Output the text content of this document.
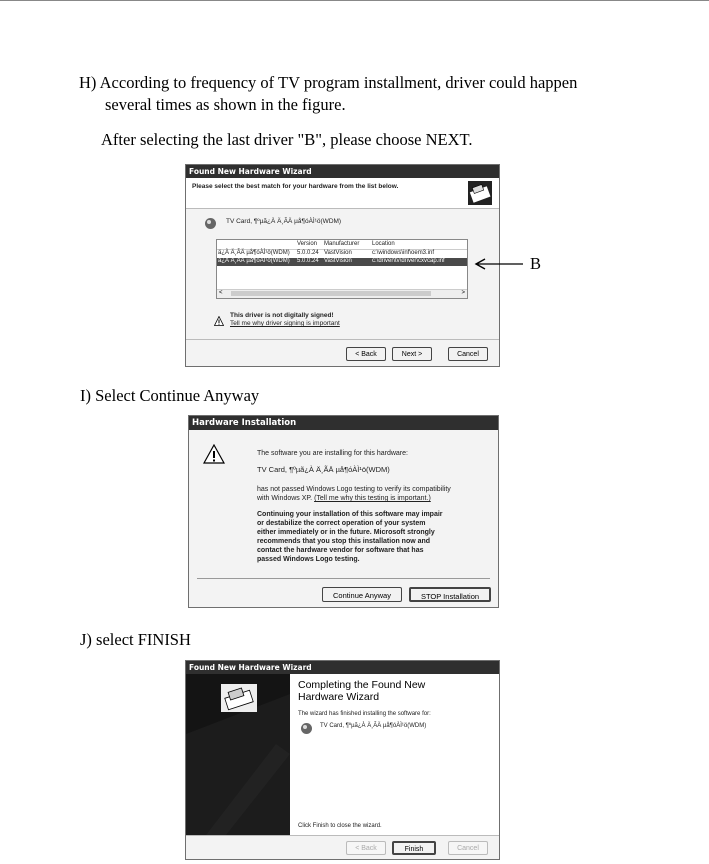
H) According to frequency of TV program installment, driver could happen
several times as shown in the figure.
After selecting the last driver "B", please choose NEXT.
Found New Hardware Wizard
Please select the best match for your hardware from the list below.
TV Card, ¶ºµã¿À Ä¸ÃÄ µå¶óÀÌ¹ö(WDM)
Version Manufacturer Location
ä¿À Ä¸ÃÄ µå¶óÀÌ¹ö(WDM) 5.0.0.24 VastVision	c:\windows\inf\oem3.inf
ä¿À Ä¸ÃÄ µå¶óÀÌ¹ö(WDM) 5.0.0.24 VastVision	c:\driver\tv\driver\cxvcap.inf
<	>
This driver is not digitally signed!
Tell me why driver signing is important
< Back	Next >	Cancel
B
I) Select Continue Anyway
Hardware Installation
The software you are installing for this hardware:
TV Card, ¶ºµã¿À Ä¸ÃÄ µå¶óÀÌ¹ö(WDM)
has not passed Windows Logo testing to verify its compatibility
with Windows XP. (Tell me why this testing is important.)
Continuing your installation of this software may impair
or destabilize the correct operation of your system
either immediately or in the future. Microsoft strongly
recommends that you stop this installation now and
contact the hardware vendor for software that has
passed Windows Logo testing.
Continue Anyway	STOP Installation
J) select FINISH
Found New Hardware Wizard
Completing the Found New
Hardware Wizard
The wizard has finished installing the software for:
TV Card, ¶ºµã¿À Ä¸ÃÄ µå¶óÀÌ¹ö(WDM)
Click Finish to close the wizard.
< Back	Finish	Cancel
